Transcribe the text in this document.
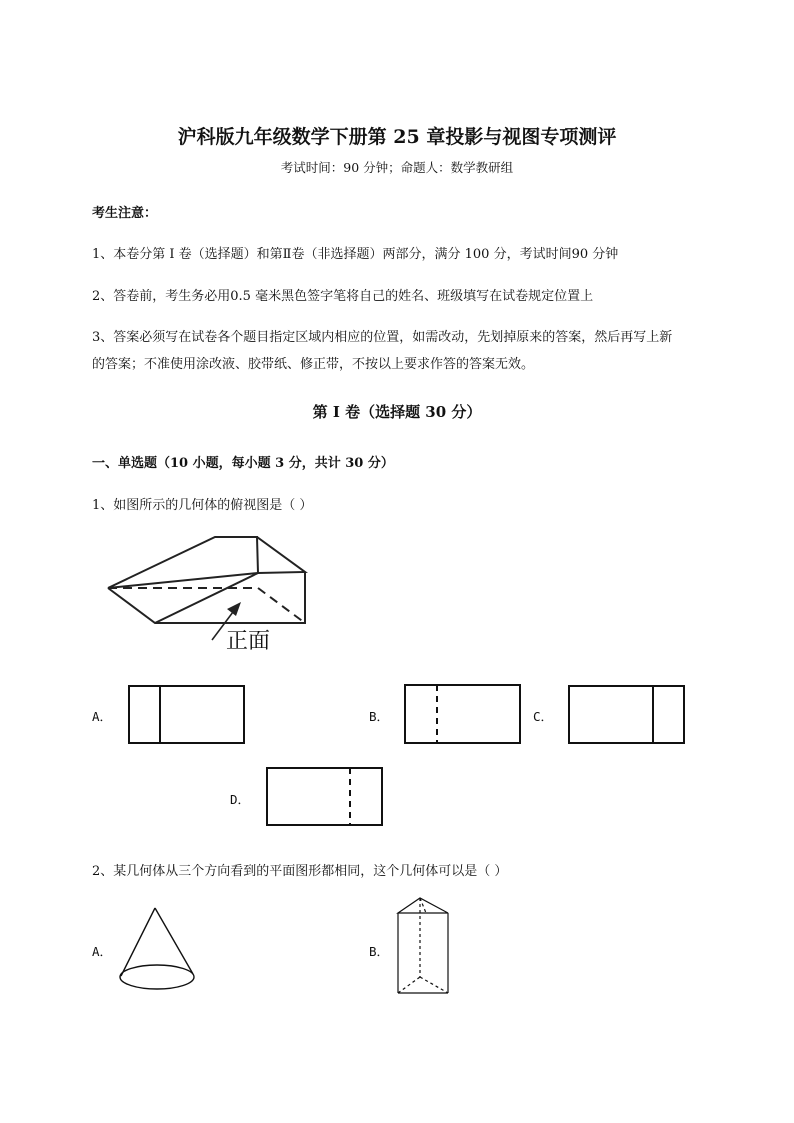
沪科版九年级数学下册第 25 章投影与视图专项测评
考试时间：90 分钟；命题人：数学教研组
考生注意：
1、本卷分第 I 卷（选择题）和第Ⅱ卷（非选择题）两部分，满分 100 分，考试时间90 分钟
2、答卷前，考生务必用0.5 毫米黑色签字笔将自己的姓名、班级填写在试卷规定位置上
3、答案必须写在试卷各个题目指定区域内相应的位置，如需改动，先划掉原来的答案，然后再写上新
的答案；不准使用涂改液、胶带纸、修正带，不按以上要求作答的答案无效。
第 I 卷（选择题 30 分）
一、单选题（10 小题，每小题 3 分，共计 30 分）
1、如图所示的几何体的俯视图是（ ）
正面
A．	B．	C．
D．
2、某几何体从三个方向看到的平面图形都相同，这个几何体可以是（ ）
A．	B．
